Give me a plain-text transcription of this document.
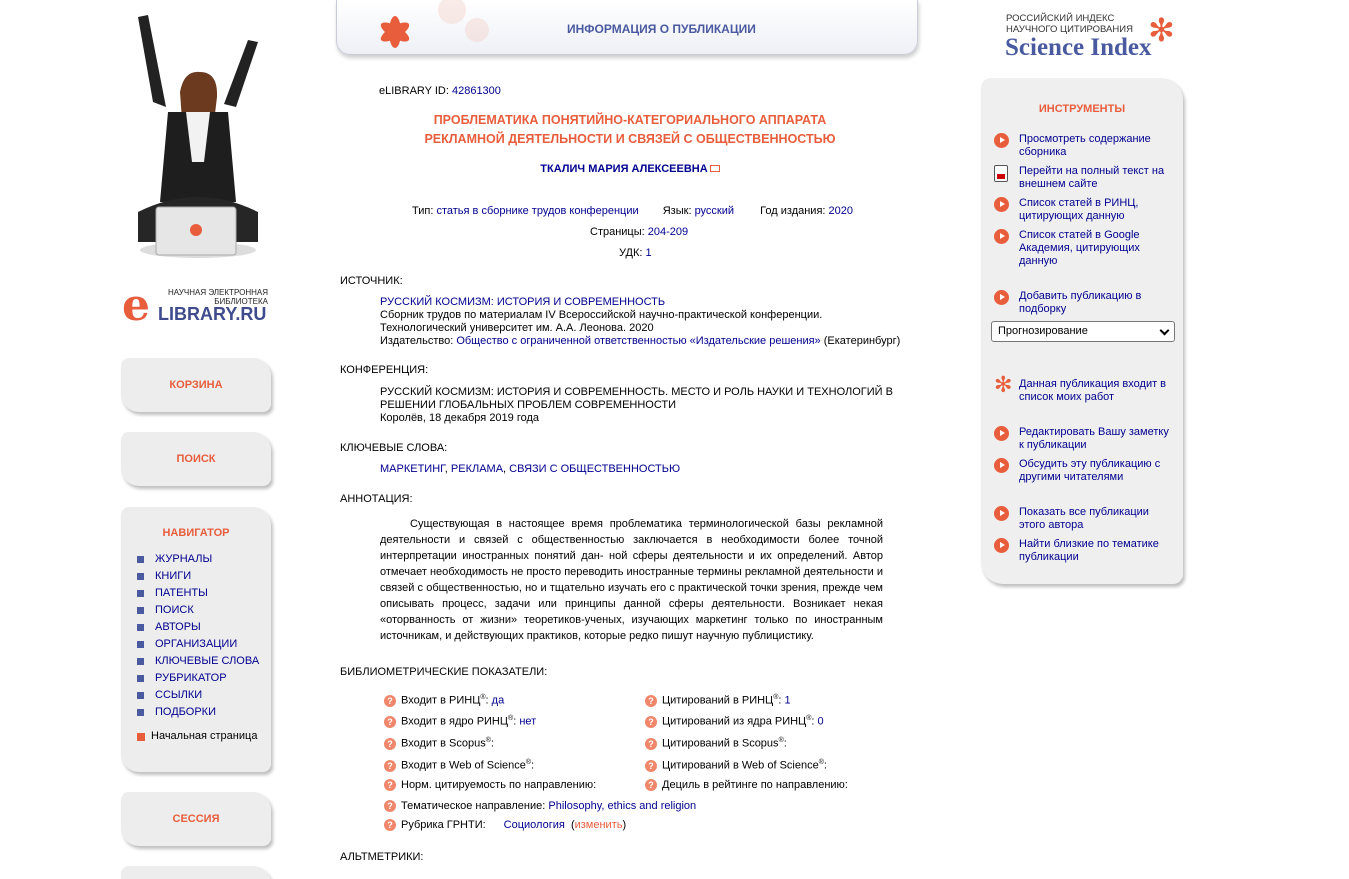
e	НАУЧНАЯ ЭЛЕКТРОННАЯ БИБЛИОТЕКА
LIBRARY.RU
КОРЗИНА
ПОИСК
НАВИГАТОР
ЖУРНАЛЫ
КНИГИ
ПАТЕНТЫ
ПОИСК
АВТОРЫ
ОРГАНИЗАЦИИ
КЛЮЧЕВЫЕ СЛОВА
РУБРИКАТОР
ССЫЛКИ
ПОДБОРКИ
Начальная страница
СЕССИЯ
ИНФОРМАЦИЯ О ПУБЛИКАЦИИ
eLIBRARY ID: 42861300
ПРОБЛЕМАТИКА ПОНЯТИЙНО-КАТЕГОРИАЛЬНОГО АППАРАТА
РЕКЛАМНОЙ ДЕЯТЕЛЬНОСТИ И СВЯЗЕЙ С ОБЩЕСТВЕННОСТЬЮ
ТКАЛИЧ МАРИЯ АЛЕКСЕЕВНА
Тип: статья в сборнике трудов конференции Язык: русский Год издания: 2020
Страницы: 204-209
УДК: 1
ИСТОЧНИК:
РУССКИЙ КОСМИЗМ: ИСТОРИЯ И СОВРЕМЕННОСТЬ
Сборник трудов по материалам IV Всероссийской научно-практической конференции.
Технологический университет им. А.А. Леонова. 2020
Издательство: Общество с ограниченной ответственностью «Издательские решения» (Екатеринбург)
КОНФЕРЕНЦИЯ:
РУССКИЙ КОСМИЗМ: ИСТОРИЯ И СОВРЕМЕННОСТЬ. МЕСТО И РОЛЬ НАУКИ И ТЕХНОЛОГИЙ В
РЕШЕНИИ ГЛОБАЛЬНЫХ ПРОБЛЕМ СОВРЕМЕННОСТИ
Королёв, 18 декабря 2019 года
КЛЮЧЕВЫЕ СЛОВА:
МАРКЕТИНГ, РЕКЛАМА, СВЯЗИ С ОБЩЕСТВЕННОСТЬЮ
АННОТАЦИЯ:
Существующая в настоящее время проблематика терминологической базы рекламной деятельности и связей с общественностью заключается в необходимости более точной интерпретации иностранных понятий дан- ной сферы деятельности и их определений. Автор отмечает необходимость не просто переводить иностранные термины рекламной деятельности и связей с общественностью, но и тщательно изучать его с практической точки зрения, прежде чем описывать процесс, задачи или принципы данной сферы деятельности. Возникает некая «оторванность от жизни» теоретиков-ученых, изучающих маркетинг только по иностранным источникам, и действующих практиков, которые редко пишут научную публицистику.
БИБЛИОМЕТРИЧЕСКИЕ ПОКАЗАТЕЛИ:
? Входит в РИНЦ®: да	? Цитирований в РИНЦ®: 1
? Входит в ядро РИНЦ®: нет	? Цитирований из ядра РИНЦ®: 0
? Входит в Scopus®:	? Цитирований в Scopus®:
? Входит в Web of Science®:	? Цитирований в Web of Science®:
? Норм. цитируемость по направлению:	? Дециль в рейтинге по направлению:
? Тематическое направление: Philosophy, ethics and religion
? Рубрика ГРНТИ: Социология  (изменить)
АЛЬТМЕТРИКИ:
РОССИЙСКИЙ ИНДЕКС
НАУЧНОГО ЦИТИРОВАНИЯ
Science Index
✻
ИНСТРУМЕНТЫ
Просмотреть содержание сборника
Перейти на полный текст на внешнем сайте
Список статей в РИНЦ, цитирующих данную
Список статей в Google Академия, цитирующих данную
Добавить публикацию в подборку
Прогнозирование
✻ Данная публикация входит в список моих работ
Редактировать Вашу заметку к публикации
Обсудить эту публикацию с другими читателями
Показать все публикации этого автора
Найти близкие по тематике публикации
